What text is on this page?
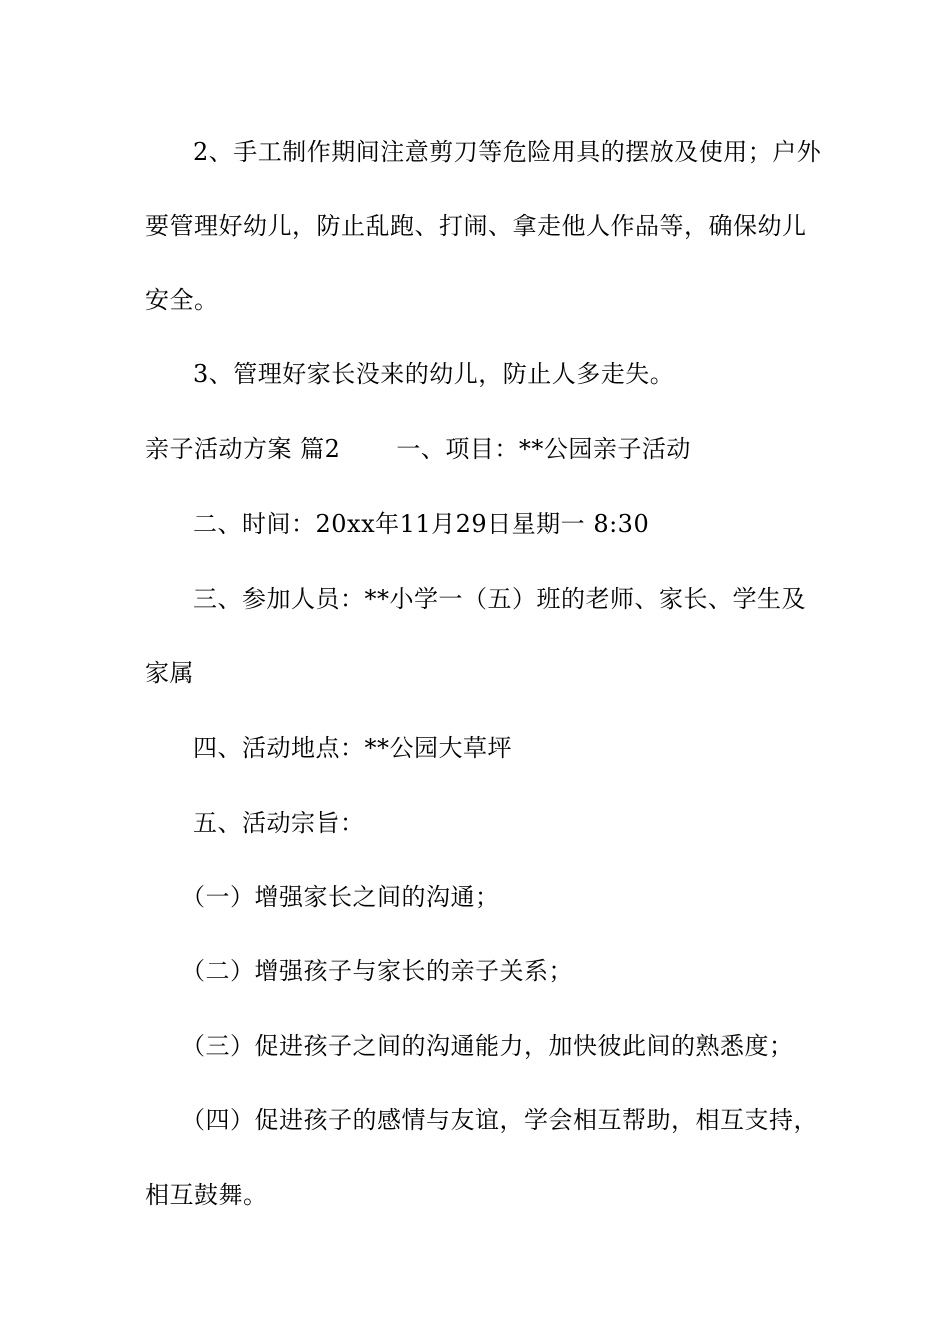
2、手工制作期间注意剪刀等危险用具的摆放及使用；户外
要管理好幼儿，防止乱跑、打闹、拿走他人作品等，确保幼儿
安全。
3、管理好家长没来的幼儿，防止人多走失。
亲子活动方案 篇2 一、项目：**公园亲子活动
二、时间：20xx年11月29日星期一 8:30
三、参加人员：**小学一（五）班的老师、家长、学生及
家属
四、活动地点：**公园大草坪
五、活动宗旨：
（一）增强家长之间的沟通；
（二）增强孩子与家长的亲子关系；
（三）促进孩子之间的沟通能力，加快彼此间的熟悉度；
（四）促进孩子的感情与友谊，学会相互帮助，相互支持，
相互鼓舞。
